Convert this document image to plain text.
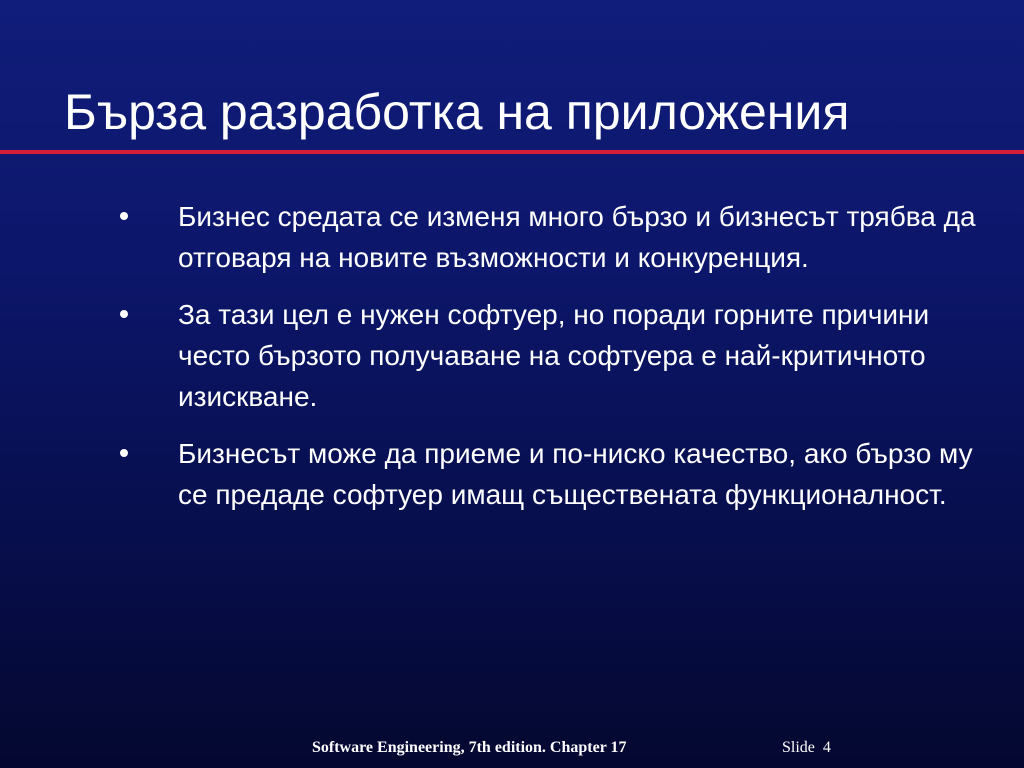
Бърза разработка на приложения
Бизнес средата се изменя много бързо и бизнесът трябва да отговаря на новите възможности и конкуренция.
За тази цел е нужен софтуер, но поради горните причини често бързото получаване на софтуера е най-критичното изискване.
Бизнесът може да приеме и по-ниско качество, ако бързо му се предаде софтуер имащ съществената функционалност.
Software Engineering, 7th edition. Chapter 17	Slide  4
